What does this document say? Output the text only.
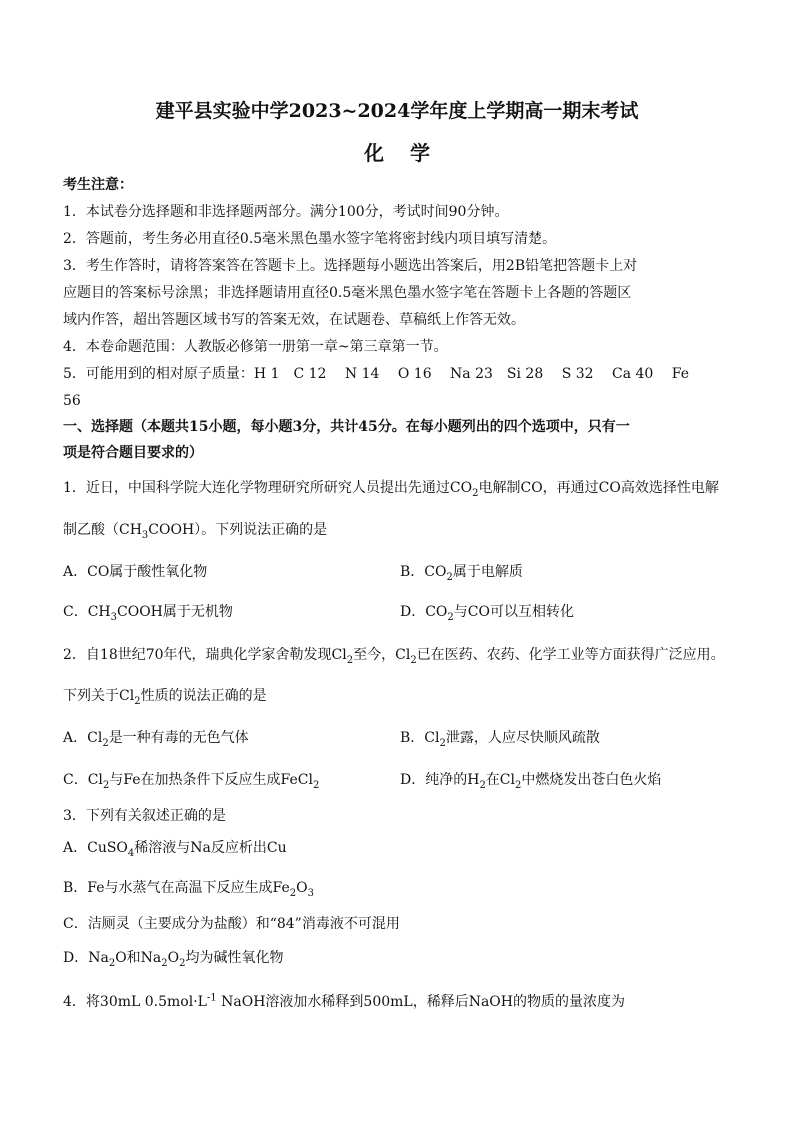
建平县实验中学2023~2024学年度上学期高一期末考试
化学
考生注意：
1．本试卷分选择题和非选择题两部分。满分100分，考试时间90分钟。
2．答题前，考生务必用直径0.5毫米黑色墨水签字笔将密封线内项目填写清楚。
3．考生作答时，请将答案答在答题卡上。选择题每小题选出答案后，用2B铅笔把答题卡上对
应题目的答案标号涂黑；非选择题请用直径0.5毫米黑色墨水签字笔在答题卡上各题的答题区
域内作答，超出答题区域书写的答案无效，在试题卷、草稿纸上作答无效。
4．本卷命题范围：人教版必修第一册第一章~第三章第一节。
5．可能用到的相对原子质量：H 1　C 12　 N 14　 O 16　 Na 23　Si 28　 S 32　 Ca 40　 Fe
56
一、选择题（本题共15小题，每小题3分，共计45分。在每小题列出的四个选项中，只有一
项是符合题目要求的）
1．近日，中国科学院大连化学物理研究所研究人员提出先通过$CO_2$电解制CO，再通过CO高效选择性电解
制乙酸$(CH_3COOH)$。下列说法正确的是
A．CO属于酸性氧化物	B．$CO_2$属于电解质
C．$CH_3COOH$属于无机物	D．$CO_2$与CO可以互相转化
2．自18世纪70年代，瑞典化学家舍勒发现$Cl_2$至今，$Cl_2$已在医药、农药、化学工业等方面获得广泛应用。
下列关于$Cl_2$性质的说法正确的是
A．$Cl_2$是一种有毒的无色气体	B．$Cl_2$泄露，人应尽快顺风疏散
C．$Cl_2$与Fe在加热条件下反应生成FeCl$_2$	D．纯净的$H_2$在$Cl_2$中燃烧发出苍白色火焰
3．下列有关叙述正确的是
A．CuSO$_4$稀溶液与Na反应析出Cu
B．Fe与水蒸气在高温下反应生成$Fe_2O_3$
C．洁厕灵（主要成分为盐酸）和“84”消毒液不可混用
D．$Na_2O$和$Na_2O_2$均为碱性氧化物
4．将30mL $0.5mol\cdot L^{-1}$ NaOH溶液加水稀释到500mL，稀释后NaOH的物质的量浓度为
